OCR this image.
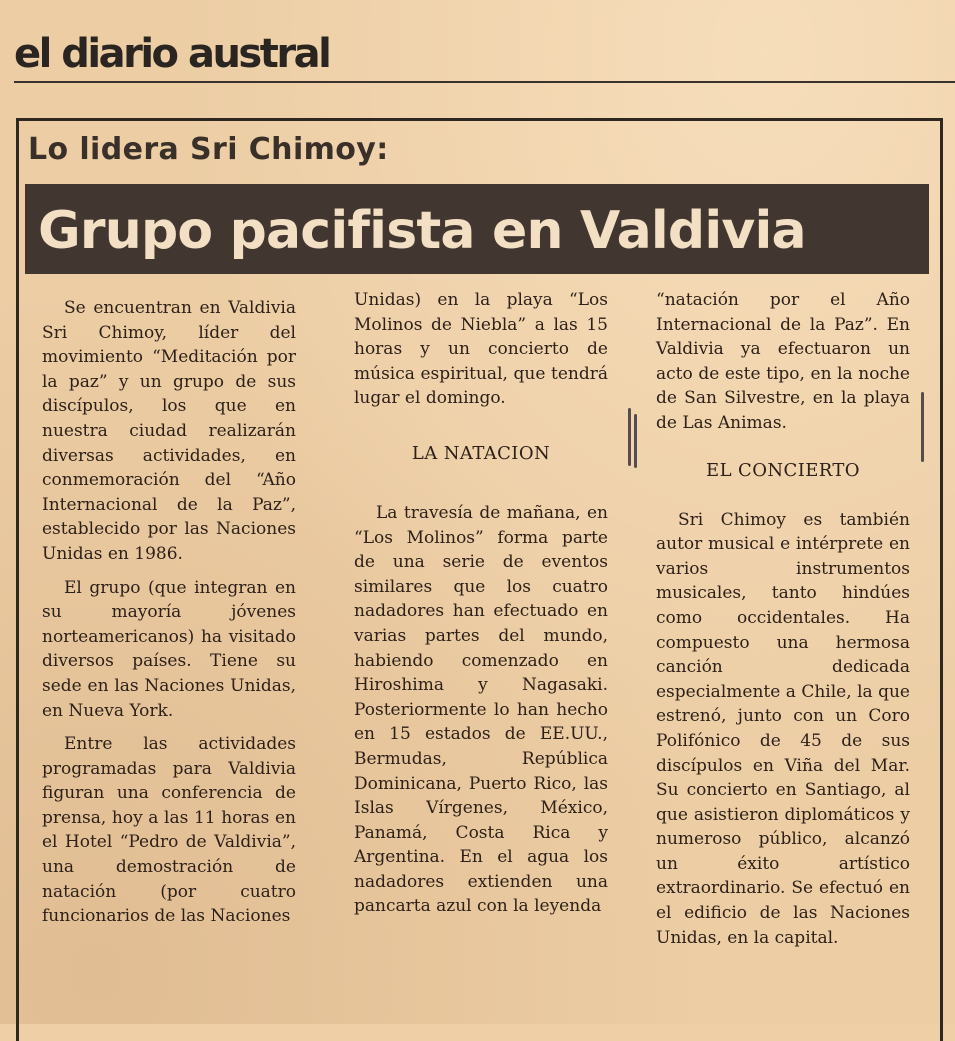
el diario austral
Lo lidera Sri Chimoy:
Grupo pacifista en Valdivia

Se encuentran en Valdivia Sri Chimoy, líder del movimiento “Meditación por la paz” y un grupo de sus discípulos, los que en nuestra ciudad realizarán diversas actividades, en conmemoración del “Año Internacional de la Paz”, establecido por las Naciones Unidas en 1986.

El grupo (que integran en su mayoría jóvenes norteamericanos) ha visitado diversos países. Tiene su sede en las Naciones Unidas, en Nueva York.

Entre las actividades programadas para Valdivia figuran una conferencia de prensa, hoy a las 11 horas en el Hotel “Pedro de Valdivia”, una demostración de natación (por cuatro funcionarios de las Naciones

Unidas) en la playa “Los Molinos de Niebla” a las 15 horas y un concierto de música espiritual, que tendrá lugar el domingo.

LA NATACION

La travesía de mañana, en “Los Molinos” forma parte de una serie de eventos similares que los cuatro nadadores han efectuado en varias partes del mundo, habiendo comenzado en Hiroshima y Nagasaki. Posteriormente lo han hecho en 15 estados de EE.UU., Bermudas, República Dominicana, Puerto Rico, las Islas Vírgenes, México, Panamá, Costa Rica y Argentina. En el agua los nadadores extienden una pancarta azul con la leyenda

“natación por el Año Internacional de la Paz”. En Valdivia ya efectuaron un acto de este tipo, en la noche de San Silvestre, en la playa de Las Animas.

EL CONCIERTO

Sri Chimoy es también autor musical e intérprete en varios instrumentos musicales, tanto hindúes como occidentales. Ha compuesto una hermosa canción dedicada especialmente a Chile, la que estrenó, junto con un Coro Polifónico de 45 de sus discípulos en Viña del Mar. Su concierto en Santiago, al que asistieron diplomáticos y numeroso público, alcanzó un éxito artístico extraordinario. Se efectuó en el edificio de las Naciones Unidas, en la capital.
